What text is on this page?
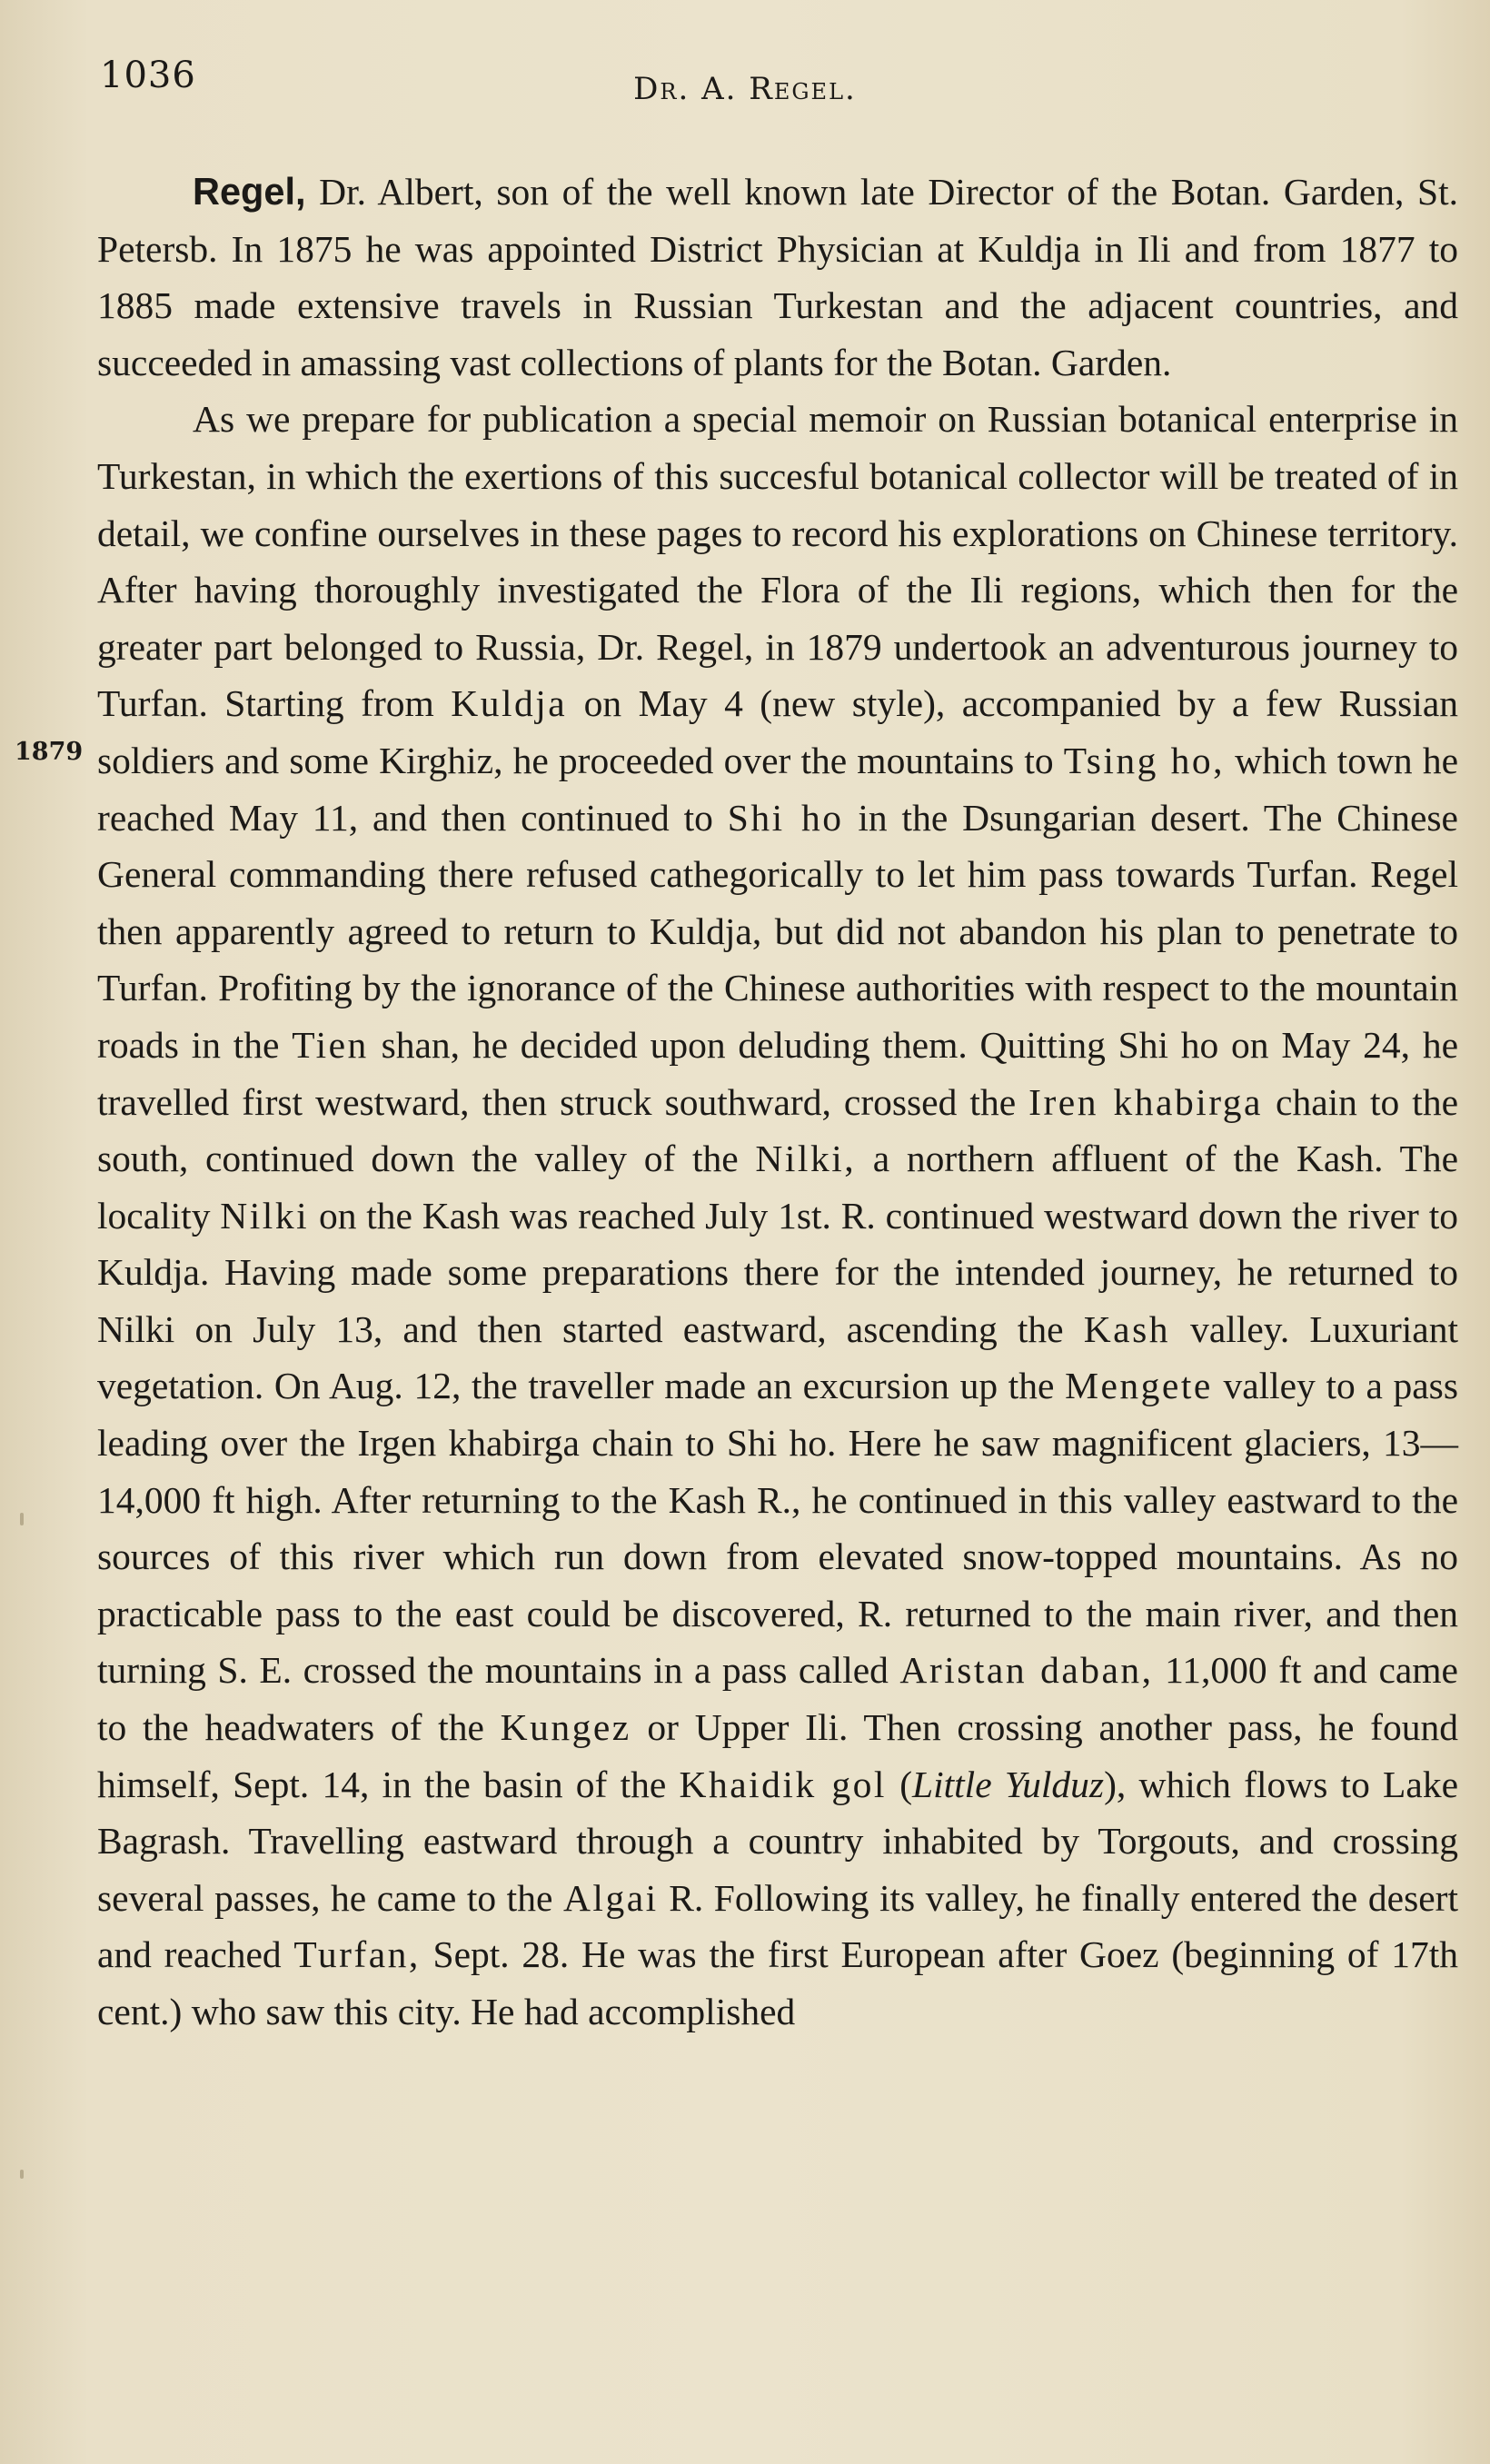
1036	Dr. A. Regel.
1879

Regel, Dr. Albert, son of the well known late Director of the Botan. Garden, St. Petersb. In 1875 he was appointed District Physician at Kuldja in Ili and from 1877 to 1885 made extensive travels in Russian Turkestan and the adjacent countries, and succeeded in amassing vast collections of plants for the Botan. Garden.

As we prepare for publication a special memoir on Russian botanical enterprise in Turkestan, in which the exertions of this succesful botanical collector will be treated of in detail, we confine ourselves in these pages to record his explorations on Chinese territory. After having thoroughly investigated the Flora of the Ili regions, which then for the greater part belonged to Russia, Dr. Regel, in 1879 undertook an adventurous journey to Turfan. Starting from Kuldja on May 4 (new style), accompanied by a few Russian soldiers and some Kirghiz, he proceeded over the mountains to Tsing ho, which town he reached May 11, and then continued to Shi ho in the Dsungarian desert. The Chinese General commanding there refused cathegorically to let him pass towards Turfan. Regel then apparently agreed to return to Kuldja, but did not abandon his plan to penetrate to Turfan. Profiting by the ignorance of the Chinese authorities with respect to the mountain roads in the Tien shan, he decided upon deluding them. Quitting Shi ho on May 24, he travelled first westward, then struck southward, crossed the Iren khabirga chain to the south, continued down the valley of the Nilki, a northern affluent of the Kash. The locality Nilki on the Kash was reached July 1st. R. continued westward down the river to Kuldja. Having made some preparations there for the intended journey, he returned to Nilki on July 13, and then started eastward, ascending the Kash valley. Luxuriant vegetation. On Aug. 12, the traveller made an excursion up the Mengete valley to a pass leading over the Irgen khabirga chain to Shi ho. Here he saw magnificent glaciers, 13—14,000 ft high. After returning to the Kash R., he continued in this valley eastward to the sources of this river which run down from elevated snow-topped mountains. As no practicable pass to the east could be discovered, R. returned to the main river, and then turning S. E. crossed the mountains in a pass called Aristan daban, 11,000 ft and came to the headwaters of the Kungez or Upper Ili. Then crossing another pass, he found himself, Sept. 14, in the basin of the Khaidik gol (Little Yulduz), which flows to Lake Bagrash. Travelling eastward through a country inhabited by Torgouts, and crossing several passes, he came to the Algai R. Following its valley, he finally entered the desert and reached Turfan, Sept. 28. He was the first European after Goez (beginning of 17th cent.) who saw this city. He had accomplished
